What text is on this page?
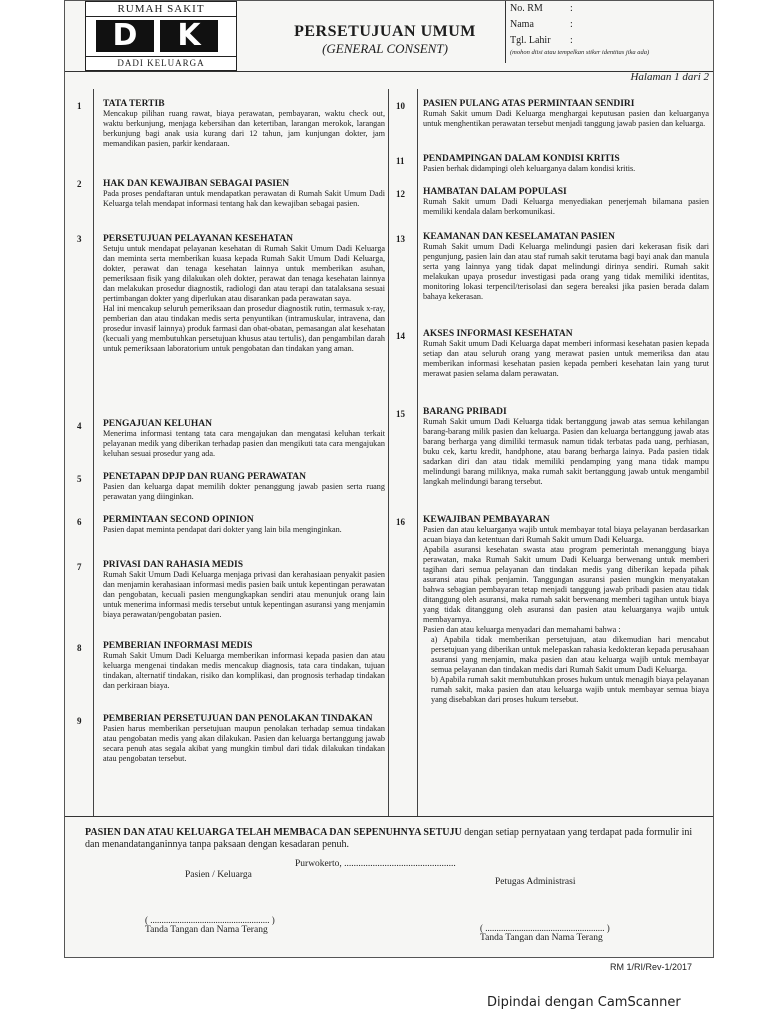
RUMAH SAKIT
D K
DADI KELUARGA
PERSETUJUAN UMUM
(GENERAL CONSENT)
No. RM	:
Nama	:
Tgl. Lahir :
(mohon diisi atau tempelkan stiker identitas jika ada)
Halaman 1 dari 2
1 TATA TERTIB
Mencakup pilihan ruang rawat, biaya perawatan, pembayaran, waktu check out, waktu berkunjung, menjaga kebersihan dan ketertiban, larangan merokok, larangan berkunjung bagi anak usia kurang dari 12 tahun, jam kunjungan dokter, jam memandikan pasien, parkir kendaraan.
2 HAK DAN KEWAJIBAN SEBAGAI PASIEN
Pada proses pendaftaran untuk mendapatkan perawatan di Rumah Sakit Umum Dadi Keluarga telah mendapat informasi tentang hak dan kewajiban sebagai pasien.
3 PERSETUJUAN PELAYANAN KESEHATAN
Setuju untuk mendapat pelayanan kesehatan di Rumah Sakit Umum Dadi Keluarga dan meminta serta memberikan kuasa kepada Rumah Sakit Umum Dadi Keluarga, dokter, perawat dan tenaga kesehatan lainnya untuk memberikan asuhan, pemeriksaan fisik yang dilakukan oleh dokter, perawat dan tenaga kesehatan lainnya dan melakukan prosedur diagnostik, radiologi dan atau terapi dan tatalaksana sesuai pertimbangan dokter yang diperlukan atau disarankan pada perawatan saya.
Hal ini mencakup seluruh pemeriksaan dan prosedur diagnostik rutin, termasuk x-ray, pemberian dan atau tindakan medis serta penyuntikan (intramuskular, intravena, dan prosedur invasif lainnya) produk farmasi dan obat-obatan, pemasangan alat kesehatan (kecuali yang membutuhkan persetujuan khusus atau tertulis), dan pengambilan darah untuk pemeriksaan laboratorium untuk pengobatan dan tindakan yang aman.
4 PENGAJUAN KELUHAN
Menerima informasi tentang tata cara mengajukan dan mengatasi keluhan terkait pelayanan medik yang diberikan terhadap pasien dan mengikuti tata cara mengajukan keluhan sesuai prosedur yang ada.
5 PENETAPAN DPJP DAN RUANG PERAWATAN
Pasien dan keluarga dapat memilih dokter penanggung jawab pasien serta ruang perawatan yang diinginkan.
6 PERMINTAAN SECOND OPINION
Pasien dapat meminta pendapat dari dokter yang lain bila menginginkan.
7 PRIVASI DAN RAHASIA MEDIS
Rumah Sakit Umum Dadi Keluarga menjaga privasi dan kerahasiaan penyakit pasien dan menjamin kerahasiaan informasi medis pasien baik untuk kepentingan perawatan dan pengobatan, kecuali pasien mengungkapkan sendiri atau menunjuk orang lain untuk menerima informasi medis tersebut untuk kepentingan asuransi yang menjamin biaya perawatan/pengobatan pasien.
8 PEMBERIAN INFORMASI MEDIS
Rumah Sakit Umum Dadi Keluarga memberikan informasi kepada pasien dan atau keluarga mengenai tindakan medis mencakup diagnosis, tata cara tindakan, tujuan tindakan, alternatif tindakan, risiko dan komplikasi, dan prognosis terhadap tindakan dan perkiraan biaya.
9 PEMBERIAN PERSETUJUAN DAN PENOLAKAN TINDAKAN
Pasien harus memberikan persetujuan maupun penolakan terhadap semua tindakan atau pengobatan medis yang akan dilakukan. Pasien dan keluarga bertanggung jawab secara penuh atas segala akibat yang mungkin timbul dari tidak dilakukan tindakan atau pengobatan tersebut.
10 PASIEN PULANG ATAS PERMINTAAN SENDIRI
Rumah Sakit umum Dadi Keluarga menghargai keputusan pasien dan keluarganya untuk menghentikan perawatan tersebut menjadi tanggung jawab pasien dan keluarga.
11 PENDAMPINGAN DALAM KONDISI KRITIS
Pasien berhak didampingi oleh keluarganya dalam kondisi kritis.
12 HAMBATAN DALAM POPULASI
Rumah Sakit umum Dadi Keluarga menyediakan penerjemah bilamana pasien memiliki kendala dalam berkomunikasi.
13 KEAMANAN DAN KESELAMATAN PASIEN
Rumah Sakit umum Dadi Keluarga melindungi pasien dari kekerasan fisik dari pengunjung, pasien lain dan atau staf rumah sakit terutama bagi bayi anak dan manula serta yang lainnya yang tidak dapat melindungi dirinya sendiri. Rumah sakit melakukan upaya prosedur investigasi pada orang yang tidak memiliki identitas, monitoring lokasi terpencil/terisolasi dan segera bereaksi jika pasien berada dalam bahaya kekerasan.
14 AKSES INFORMASI KESEHATAN
Rumah Sakit umum Dadi Keluarga dapat memberi informasi kesehatan pasien kepada setiap dan atau seluruh orang yang merawat pasien untuk memeriksa dan atau memberikan informasi kesehatan pasien kepada pemberi kesehatan lain yang turut merawat pasien selama dalam perawatan.
15 BARANG PRIBADI
Rumah Sakit umum Dadi Keluarga tidak bertanggung jawab atas semua kehilangan barang-barang milik pasien dan keluarga. Pasien dan keluarga bertanggung jawab atas barang berharga yang dimiliki termasuk namun tidak terbatas pada uang, perhiasan, buku cek, kartu kredit, handphone, atau barang berharga lainya. Pada pasien tidak sadarkan diri dan atau tidak memiliki pendamping yang mana tidak mampu melindungi barang miliknya, maka rumah sakit bertanggung jawab untuk mengambil langkah melindungi barang tersebut.
16 KEWAJIBAN PEMBAYARAN
Pasien dan atau keluarganya wajib untuk membayar total biaya pelayanan berdasarkan acuan biaya dan ketentuan dari Rumah Sakit umum Dadi Keluarga.
Apabila asuransi kesehatan swasta atau program pemerintah menanggung biaya perawatan, maka Rumah Sakit umum Dadi Keluarga berwenang untuk memberi tagihan dari semua pelayanan dan tindakan medis yang diberikan kepada pihak asuransi atau pihak penjamin. Tanggungan asuransi pasien mungkin menyatakan bahwa sebagian pembayaran tetap menjadi tanggung jawab pribadi pasien atau tidak ditanggung oleh asuransi, maka rumah sakit berwenang memberi tagihan untuk biaya yang tidak ditanggung oleh asuransi dan pasien atau keluarganya wajib untuk membayarnya.
Pasien dan atau keluarga menyadari dan memahami bahwa :
a) Apabila tidak memberikan persetujuan, atau dikemudian hari mencabut persetujuan yang diberikan untuk melepaskan rahasia kedokteran kepada perusahaan asuransi yang menjamin, maka pasien dan atau keluarga wajib untuk membayar semua pelayanan dan tindakan medis dari Rumah Sakit umum Dadi Keluarga.
b) Apabila rumah sakit membutuhkan proses hukum untuk menagih biaya pelayanan rumah sakit, maka pasien dan atau keluarga wajib untuk membayar semua biaya yang disebabkan dari proses hukum tersebut.
PASIEN DAN ATAU KELUARGA TELAH MEMBACA DAN SEPENUHNYA SETUJU dengan setiap pernyataan yang terdapat pada formulir ini dan menandatanganinnya tanpa paksaan dengan kesadaran penuh.
Purwokerto, ...............................................
Pasien / Keluarga
Petugas Administrasi
( ..................................................... )
Tanda Tangan dan Nama Terang	( ..................................................... )
Tanda Tangan dan Nama Terang
RM 1/RI/Rev-1/2017
Dipindai dengan CamScanner
